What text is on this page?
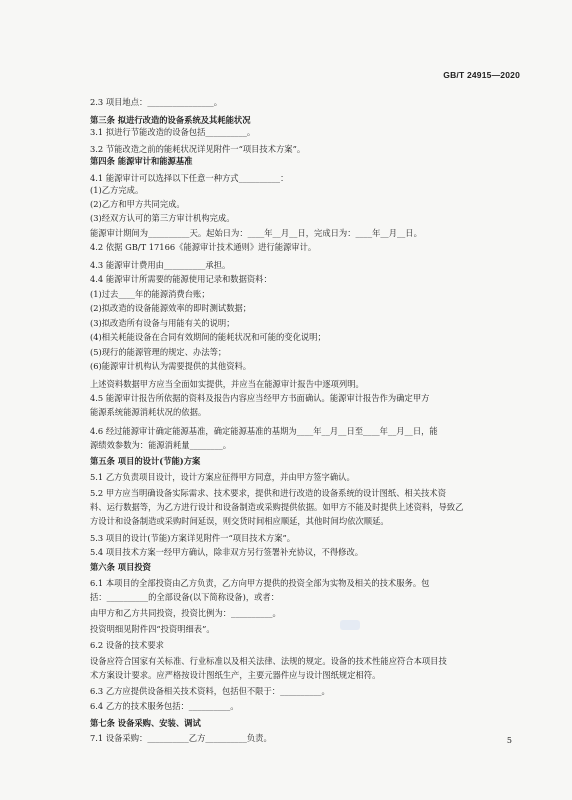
GB/T 24915—2020
2.3 项目地点：________________。
第三条 拟进行改造的设备系统及其耗能状况
3.1 拟进行节能改造的设备包括__________。
3.2 节能改造之前的能耗状况详见附件一“项目技术方案”。
第四条 能源审计和能源基准
4.1 能源审计可以选择以下任意一种方式__________：
(1)乙方完成。
(2)乙方和甲方共同完成。
(3)经双方认可的第三方审计机构完成。
能源审计期间为__________天。起始日为：____年__月__日，完成日为：____年__月__日。
4.2 依据 GB/T 17166《能源审计技术通则》进行能源审计。
4.3 能源审计费用由__________承担。
4.4 能源审计所需要的能源使用记录和数据资料：
(1)过去____年的能源消费台账；
(2)拟改造的设备能源效率的即时测试数据；
(3)拟改造所有设备与用能有关的说明；
(4)相关耗能设备在合同有效期间的能耗状况和可能的变化说明；
(5)现行的能源管理的规定、办法等；
(6)能源审计机构认为需要提供的其他资料。
上述资料数据甲方应当全面如实提供，并应当在能源审计报告中逐项列明。
4.5 能源审计报告所依据的资料及报告内容应当经甲方书面确认。能源审计报告作为确定甲方
能源系统能源消耗状况的依据。
4.6 经过能源审计确定能源基准，确定能源基准的基期为____年__月__日至____年__月__日，能
源绩效参数为：能源消耗量________。
第五条 项目的设计(节能)方案
5.1 乙方负责项目设计，设计方案应征得甲方同意，并由甲方签字确认。
5.2 甲方应当明确设备实际需求、技术要求，提供和进行改造的设备系统的设计图纸、相关技术资
料、运行数据等，为乙方进行设计和设备制造或采购提供依据。如甲方不能及时提供上述资料，导致乙
方设计和设备制造或采购时间延误，则交货时间相应顺延，其他时间均依次顺延。
5.3 项目的设计(节能)方案详见附件一“项目技术方案”。
5.4 项目技术方案一经甲方确认，除非双方另行签署补充协议，不得修改。
第六条 项目投资
6.1 本项目的全部投资由乙方负责，乙方向甲方提供的投资全部为实物及相关的技术服务。包
括：__________的全部设备(以下简称设备)，或者：
由甲方和乙方共同投资，投资比例为：__________。
投资明细见附件四“投资明细表”。
6.2 设备的技术要求
设备应符合国家有关标准、行业标准以及相关法律、法规的规定。设备的技术性能应符合本项目技
术方案设计要求。应严格按设计图纸生产，主要元器件应与设计图纸规定相符。
6.3 乙方应提供设备相关技术资料，包括但不限于：__________。
6.4 乙方的技术服务包括：__________。
第七条 设备采购、安装、调试
7.1 设备采购：__________乙方__________负责。	5
